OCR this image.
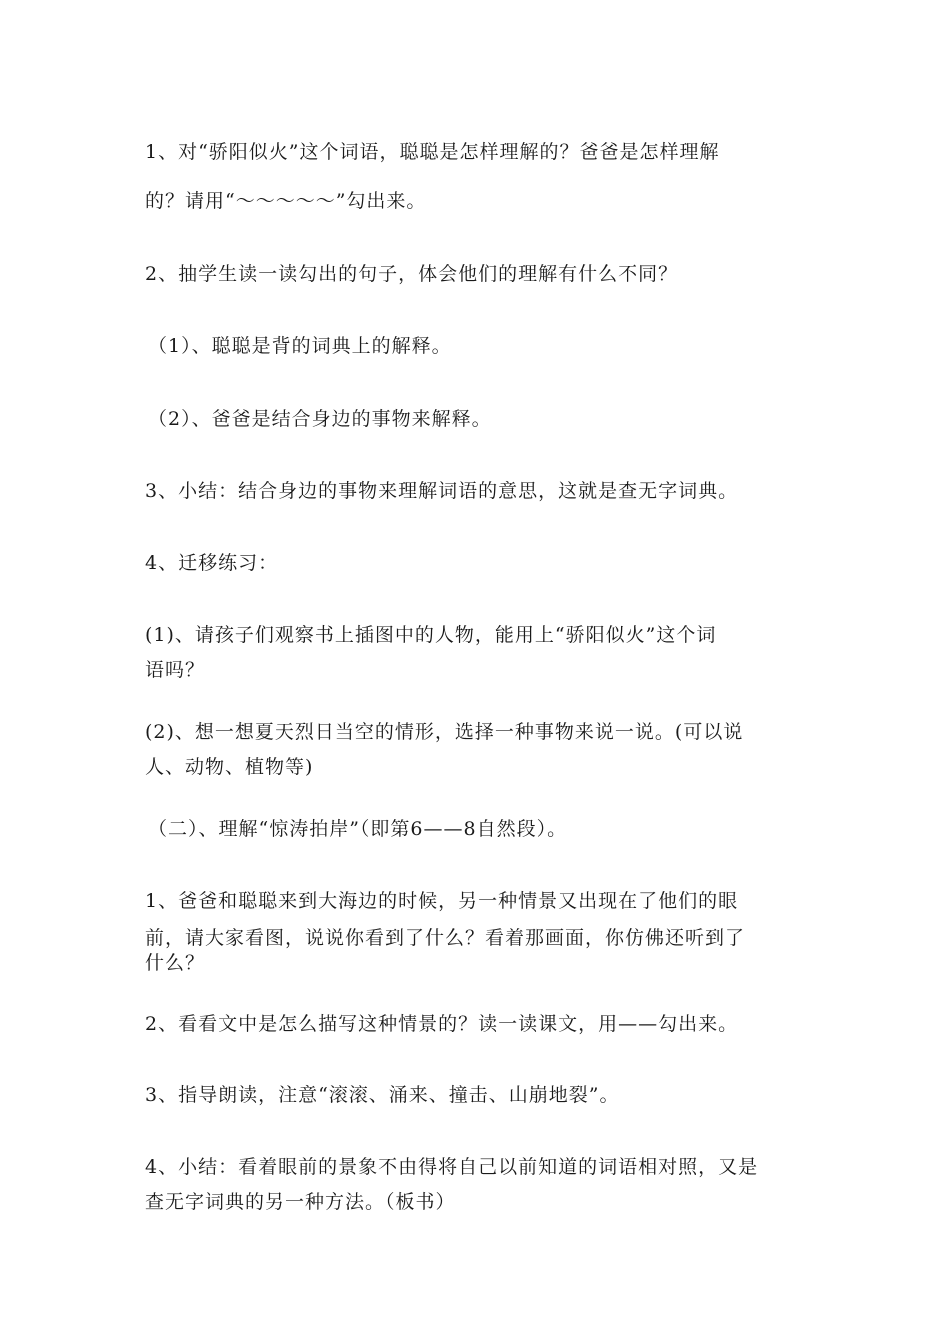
1、对“骄阳似火”这个词语，聪聪是怎样理解的？爸爸是怎样理解
的？请用“～～～～～”勾出来。
2、抽学生读一读勾出的句子，体会他们的理解有什么不同？
（1）、聪聪是背的词典上的解释。
（2）、爸爸是结合身边的事物来解释。
3、小结：结合身边的事物来理解词语的意思，这就是查无字词典。
4、迁移练习：
(1)、请孩子们观察书上插图中的人物，能用上“骄阳似火”这个词
语吗？
(2)、想一想夏天烈日当空的情形，选择一种事物来说一说。(可以说
人、动物、植物等)
（二）、理解“惊涛拍岸”（即第6——8自然段）。
1、爸爸和聪聪来到大海边的时候，另一种情景又出现在了他们的眼
前，请大家看图，说说你看到了什么？看着那画面，你仿佛还听到了
什么？
2、看看文中是怎么描写这种情景的？读一读课文，用——勾出来。
3、指导朗读，注意“滚滚、涌来、撞击、山崩地裂”。
4、小结：看着眼前的景象不由得将自己以前知道的词语相对照，又是
查无字词典的另一种方法。（板书）
